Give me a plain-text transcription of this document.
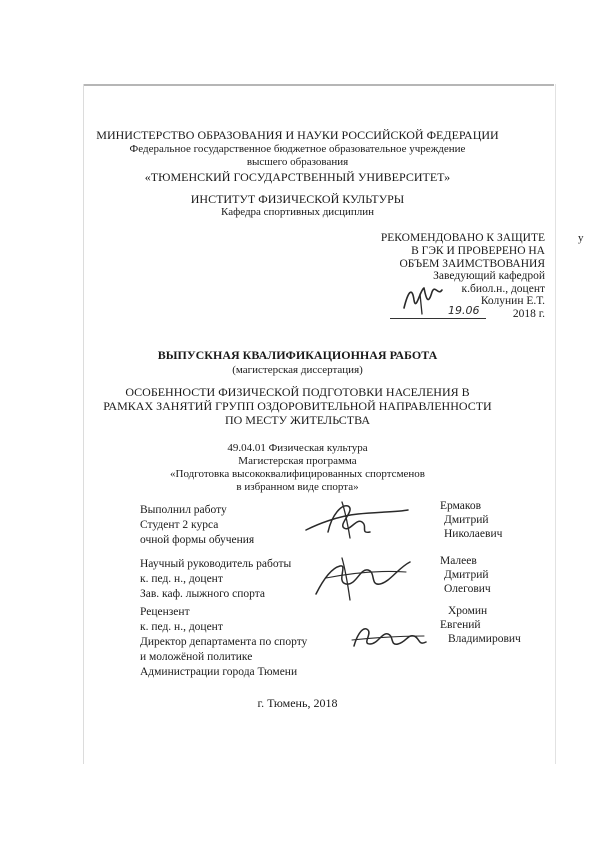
у
МИНИСТЕРСТВО ОБРАЗОВАНИЯ И НАУКИ РОССИЙСКОЙ ФЕДЕРАЦИИ
Федеральное государственное бюджетное образовательное учреждение
высшего образования
«ТЮМЕНСКИЙ ГОСУДАРСТВЕННЫЙ УНИВЕРСИТЕТ»
ИНСТИТУТ ФИЗИЧЕСКОЙ КУЛЬТУРЫ
Кафедра спортивных дисциплин
РЕКОМЕНДОВАНО К ЗАЩИТЕ
В ГЭК И ПРОВЕРЕНО НА
ОБЪЕМ ЗАИМСТВОВАНИЯ
Заведующий кафедрой
к.биол.н., доцент
Колунин Е.Т.
19.06	2018 г.
ВЫПУСКНАЯ КВАЛИФИКАЦИОННАЯ РАБОТА
(магистерская диссертация)
ОСОБЕННОСТИ ФИЗИЧЕСКОЙ ПОДГОТОВКИ НАСЕЛЕНИЯ В
РАМКАХ ЗАНЯТИЙ ГРУПП ОЗДОРОВИТЕЛЬНОЙ НАПРАВЛЕННОСТИ
ПО МЕСТУ ЖИТЕЛЬСТВА
49.04.01 Физическая культура
Магистерская программа
«Подготовка высококвалифицированных спортсменов
в избранном виде спорта»
Выполнил работу
Студент 2 курса
очной формы обучения
Ермаков
Дмитрий
Николаевич
Научный руководитель работы
к. пед. н., доцент
Зав. каф. лыжного спорта
Малеев
Дмитрий
Олегович
Рецензент
к. пед. н., доцент
Директор департамента по спорту
и моложёной политике
Администрации города Тюмени
Хромин
Евгений
Владимирович
г. Тюмень, 2018
